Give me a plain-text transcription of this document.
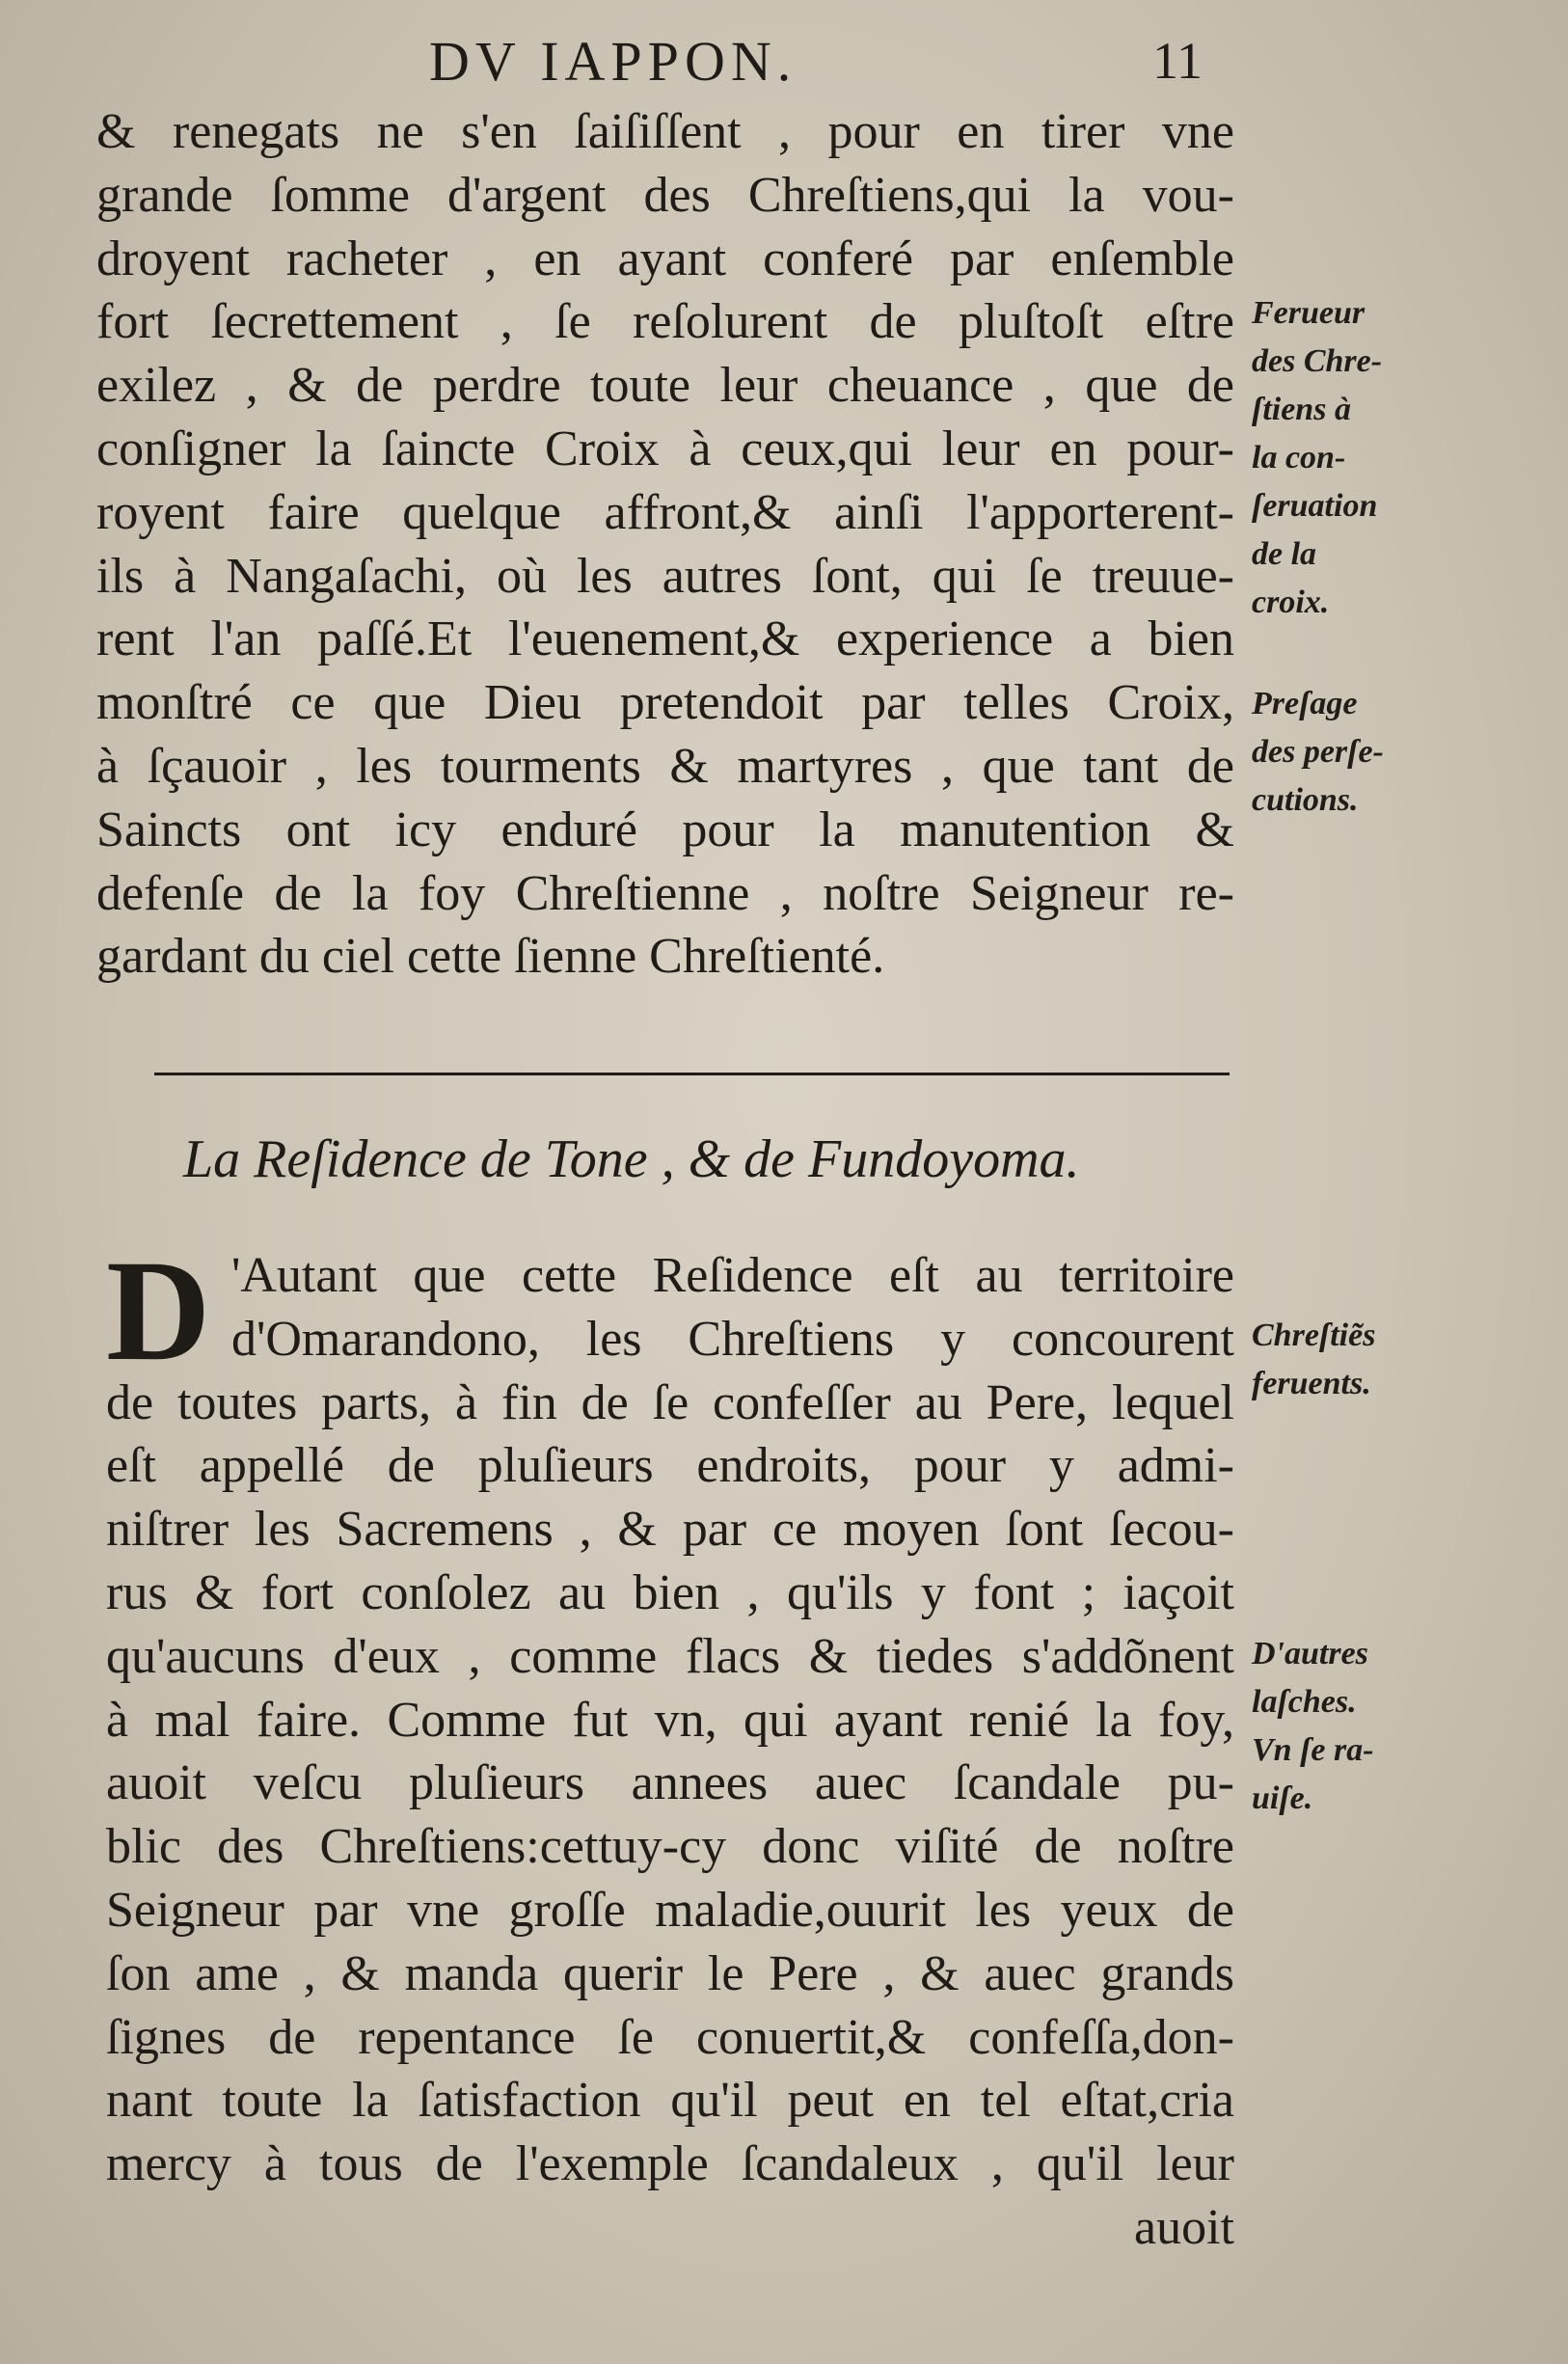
DV IAPPON.	11
& renegats ne s'en ſaiſiſſent , pour en tirer vne
grande ſomme d'argent des Chreſtiens,qui la vou-
droyent racheter , en ayant conferé par enſemble
fort ſecrettement , ſe reſolurent de pluſtoſt eſtre
exilez , & de perdre toute leur cheuance , que de
conſigner la ſaincte Croix à ceux,qui leur en pour-
royent faire quelque affront,& ainſi l'apporterent-
ils à Nangaſachi, où les autres ſont, qui ſe treuue-
rent l'an paſſé.Et l'euenement,& experience a bien
monſtré ce que Dieu pretendoit par telles Croix,
à ſçauoir , les tourments & martyres , que tant de
Saincts ont icy enduré pour la manutention &
defenſe de la foy Chreſtienne , noſtre Seigneur re-
gardant du ciel cette ſienne Chreſtienté.
La Reſidence de Tone , & de Fundoyoma.
D 'Autant que cette Reſidence eſt au territoire
d'Omarandono, les Chreſtiens y concourent
de toutes parts, à fin de ſe confeſſer au Pere, lequel
eſt appellé de pluſieurs endroits, pour y admi-
niſtrer les Sacremens , & par ce moyen ſont ſecou-
rus & fort conſolez au bien , qu'ils y font ; iaçoit
qu'aucuns d'eux , comme flacs & tiedes s'addõnent
à mal faire. Comme fut vn, qui ayant renié la foy,
auoit veſcu pluſieurs annees auec ſcandale pu-
blic des Chreſtiens:cettuy-cy donc viſité de noſtre
Seigneur par vne groſſe maladie,ouurit les yeux de
ſon ame , & manda querir le Pere , & auec grands
ſignes de repentance ſe conuertit,& confeſſa,don-
nant toute la ſatisfaction qu'il peut en tel eſtat,cria
mercy à tous de l'exemple ſcandaleux , qu'il leur
auoit
Ferueur
des Chre-
ſtiens à
la con-
ſeruation
de la
croix.
Preſage
des perſe-
cutions.
Chreſtiẽs
feruents.
D'autres
laſches.
Vn ſe ra-
uiſe.
